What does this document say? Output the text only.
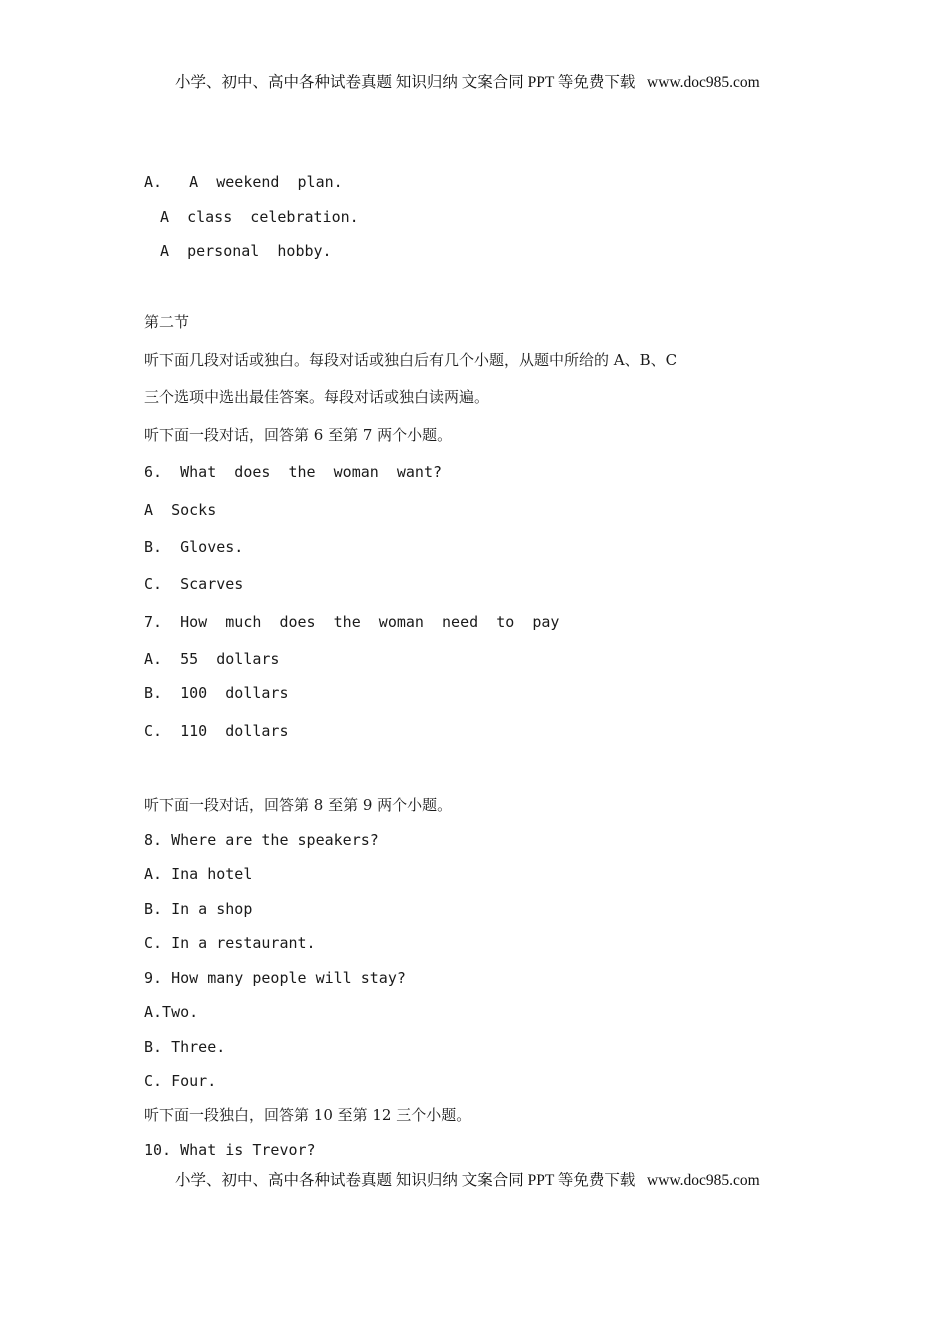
小学、初中、高中各种试卷真题 知识归纳 文案合同 PPT 等免费下载   www.doc985.com
A.   A  weekend  plan.
A  class  celebration.
A  personal  hobby.
第二节
听下面几段对话或独白。每段对话或独白后有几个小题，从题中所给的 A、B、C
三个选项中选出最佳答案。每段对话或独白读两遍。
听下面一段对话，回答第 6 至第 7 两个小题。
6.  What  does  the  woman  want?
A  Socks
B.  Gloves.
C.  Scarves
7.  How  much  does  the  woman  need  to  pay
A.  55  dollars
B.  100  dollars
C.  110  dollars
听下面一段对话，回答第 8 至第 9 两个小题。
8. Where are the speakers?
A. Ina hotel
B. In a shop
C. In a restaurant.
9. How many people will stay?
A.Two.
B. Three.
C. Four.
听下面一段独白，回答第 10 至第 12 三个小题。
10. What is Trevor?
小学、初中、高中各种试卷真题 知识归纳 文案合同 PPT 等免费下载   www.doc985.com
